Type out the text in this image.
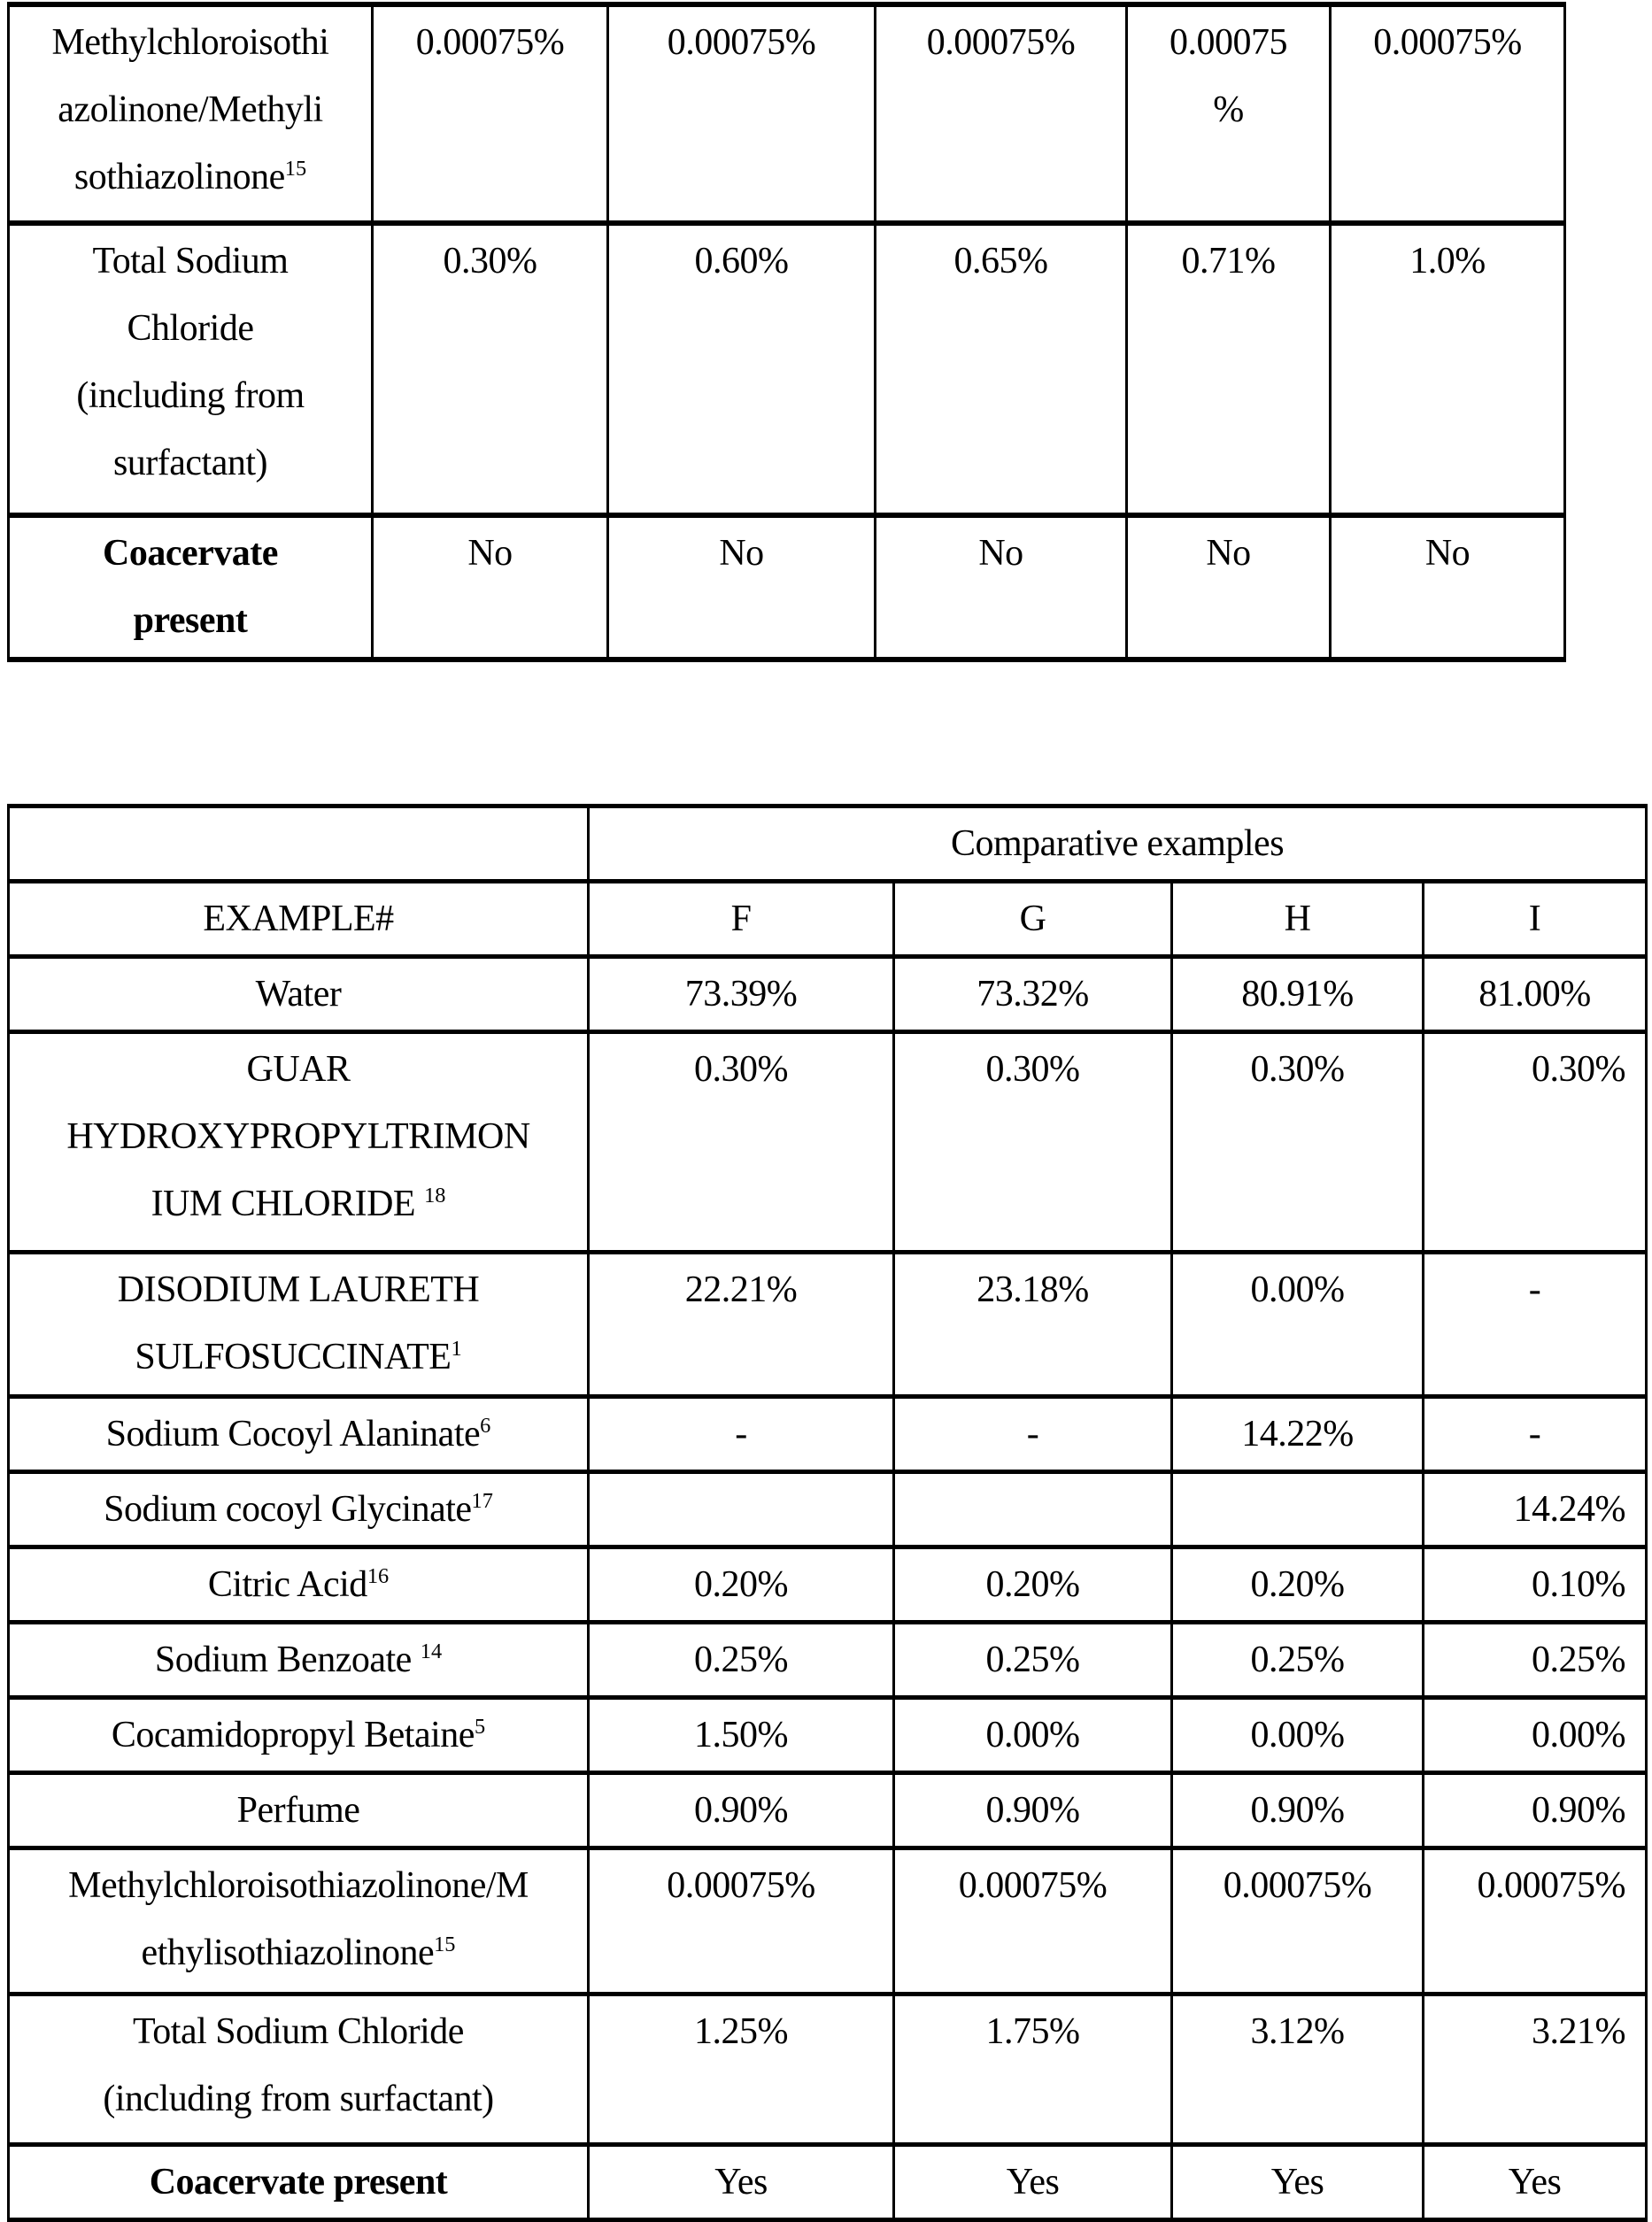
Methylchloroisothi
azolinone/Methyli
sothiazolinone$^{15}$	0.00075%	0.00075%	0.00075%	0.00075
%	0.00075%
Total Sodium
Chloride
(including from
surfactant)	0.30%	0.60%	0.65%	0.71%	1.0%
Coacervate
present	No	No	No	No	No
	Comparative examples			
EXAMPLE#	F	G	H	I
Water	73.39%	73.32%	80.91%	81.00%
GUAR
HYDROXYPROPYLTRIMON
IUM CHLORIDE $^{18}$	0.30%	0.30%	0.30%	0.30%
DISODIUM LAURETH
SULFOSUCCINATE$^1$	22.21%	23.18%	0.00%	-
Sodium Cocoyl Alaninate$^6$	-	-	14.22%	-
Sodium cocoyl Glycinate$^{17}$				14.24%
Citric Acid$^{16}$	0.20%	0.20%	0.20%	0.10%
Sodium Benzoate $^{14}$	0.25%	0.25%	0.25%	0.25%
Cocamidopropyl Betaine$^5$	1.50%	0.00%	0.00%	0.00%
Perfume	0.90%	0.90%	0.90%	0.90%
Methylchloroisothiazolinone/M
ethylisothiazolinone$^{15}$	0.00075%	0.00075%	0.00075%	0.00075%
Total Sodium Chloride
(including from surfactant)	1.25%	1.75%	3.12%	3.21%
Coacervate present	Yes	Yes	Yes	Yes
